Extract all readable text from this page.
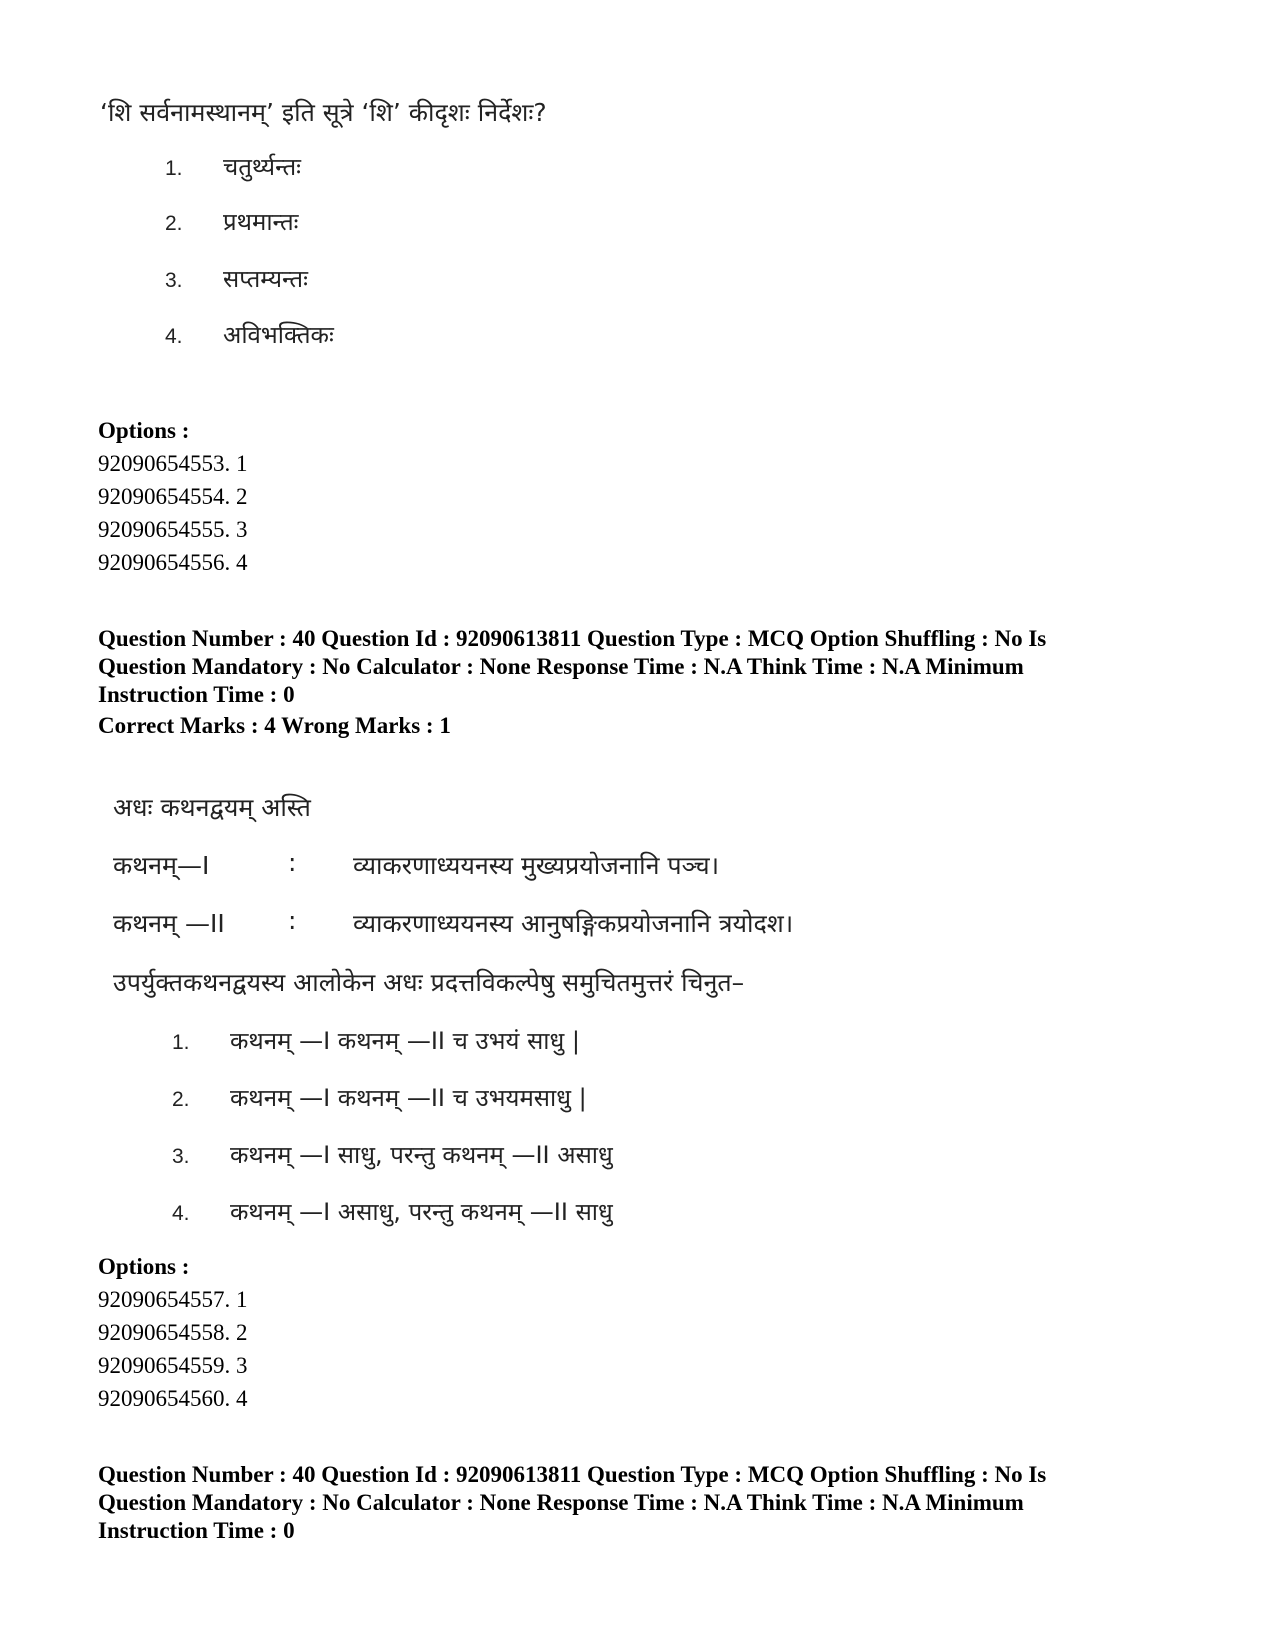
‘शि सर्वनामस्थानम्’ इति सूत्रे ‘शि’ कीदृशः निर्देशः?
1. चतुर्थ्यन्तः
2. प्रथमान्तः
3. सप्तम्यन्तः
4. अविभक्तिकः
Options :
92090654553. 1
92090654554. 2
92090654555. 3
92090654556. 4
Question Number : 40 Question Id : 92090613811 Question Type : MCQ Option Shuffling : No Is
Question Mandatory : No Calculator : None Response Time : N.A Think Time : N.A Minimum
Instruction Time : 0
Correct Marks : 4 Wrong Marks : 1
अधः कथनद्वयम् अस्ति
कथनम्—I	: व्याकरणाध्ययनस्य मुख्यप्रयोजनानि पञ्च।
कथनम् —II	: व्याकरणाध्ययनस्य आनुषङ्गिकप्रयोजनानि त्रयोदश।
उपर्युक्तकथनद्वयस्य आलोकेन अधः प्रदत्तविकल्पेषु समुचितमुत्तरं चिनुत–
1. कथनम् —I कथनम् —II च उभयं साधु |
2. कथनम् —I कथनम् —II च उभयमसाधु |
3. कथनम् —I साधु, परन्तु कथनम् —II असाधु
4. कथनम् —I असाधु, परन्तु कथनम् —II साधु
Options :
92090654557. 1
92090654558. 2
92090654559. 3
92090654560. 4
Question Number : 40 Question Id : 92090613811 Question Type : MCQ Option Shuffling : No Is
Question Mandatory : No Calculator : None Response Time : N.A Think Time : N.A Minimum
Instruction Time : 0
